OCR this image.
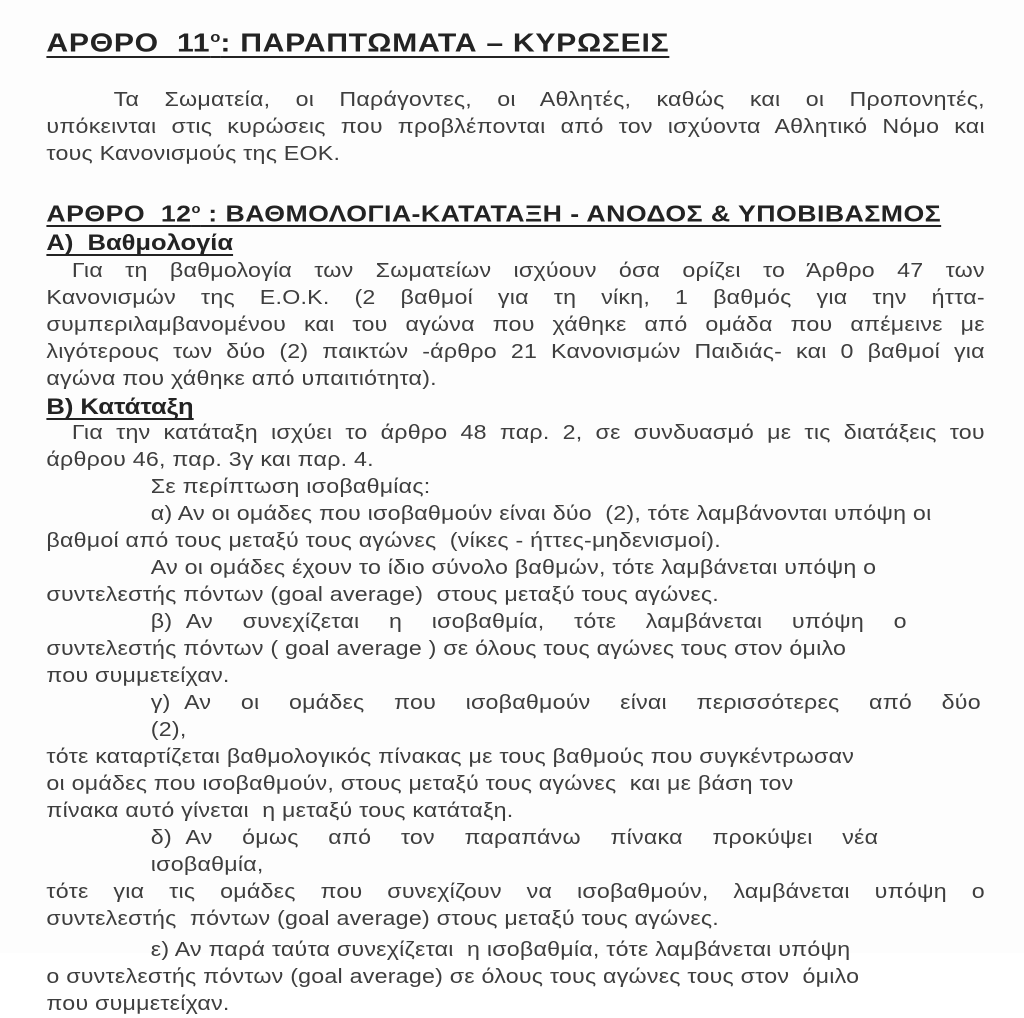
ΑΡΘΡΟ  $11^o$: ΠΑΡΑΠΤΩΜΑΤΑ – ΚΥΡΩΣΕΙΣ
Τα Σωματεία, οι Παράγοντες, οι Αθλητές, καθώς και οι Προπονητές,
υπόκεινται στις κυρώσεις που προβλέπονται από τον ισχύοντα Αθλητικό Νόμο και
τους Κανονισμούς της ΕΟΚ.
ΑΡΘΡΟ  $12^o$ : ΒΑΘΜΟΛΟΓΙΑ-ΚΑΤΑΤΑΞΗ - ΑΝΟΔΟΣ & ΥΠΟΒΙΒΑΣΜΟΣ
Α)  Βαθμολογία
Για τη βαθμολογία των Σωματείων ισχύουν όσα ορίζει το Άρθρο 47 των
Κανονισμών της Ε.Ο.Κ. (2 βαθμοί για τη νίκη, 1 βαθμός για την ήττα-
συμπεριλαμβανομένου και του αγώνα που χάθηκε από ομάδα που απέμεινε με
λιγότερους των δύο (2) παικτών -άρθρο 21 Κανονισμών Παιδιάς- και 0 βαθμοί για
αγώνα που χάθηκε από υπαιτιότητα).
Β) Κατάταξη
Για την κατάταξη ισχύει το άρθρο 48 παρ. 2, σε συνδυασμό με τις διατάξεις του
άρθρου 46, παρ. 3γ και παρ. 4.
Σε περίπτωση ισοβαθμίας:
α) Αν οι ομάδες που ισοβαθμούν είναι δύο  (2), τότε λαμβάνονται υπόψη οι
βαθμοί από τους μεταξύ τους αγώνες  (νίκες - ήττες-μηδενισμοί).
Αν οι ομάδες έχουν το ίδιο σύνολο βαθμών, τότε λαμβάνεται υπόψη ο
συντελεστής πόντων (goal average)  στους μεταξύ τους αγώνες.
β) Αν  συνεχίζεται  η  ισοβαθμία,  τότε  λαμβάνεται  υπόψη  ο
συντελεστής πόντων ( goal average ) σε όλους τους αγώνες τους στον όμιλο
που συμμετείχαν.
γ) Αν  οι  ομάδες  που  ισοβαθμούν  είναι  περισσότερες  από  δύο (2),
τότε καταρτίζεται βαθμολογικός πίνακας με τους βαθμούς που συγκέντρωσαν
οι ομάδες που ισοβαθμούν, στους μεταξύ τους αγώνες  και με βάση τον
πίνακα αυτό γίνεται  η μεταξύ τους κατάταξη.
δ) Αν  όμως  από  τον  παραπάνω  πίνακα  προκύψει  νέα  ισοβαθμία,
τότε για τις ομάδες που συνεχίζουν να ισοβαθμούν, λαμβάνεται υπόψη ο
συντελεστής  πόντων (goal average) στους μεταξύ τους αγώνες.
ε) Αν παρά ταύτα συνεχίζεται  η ισοβαθμία, τότε λαμβάνεται υπόψη
ο συντελεστής πόντων (goal average) σε όλους τους αγώνες τους στον  όμιλο
που συμμετείχαν.
